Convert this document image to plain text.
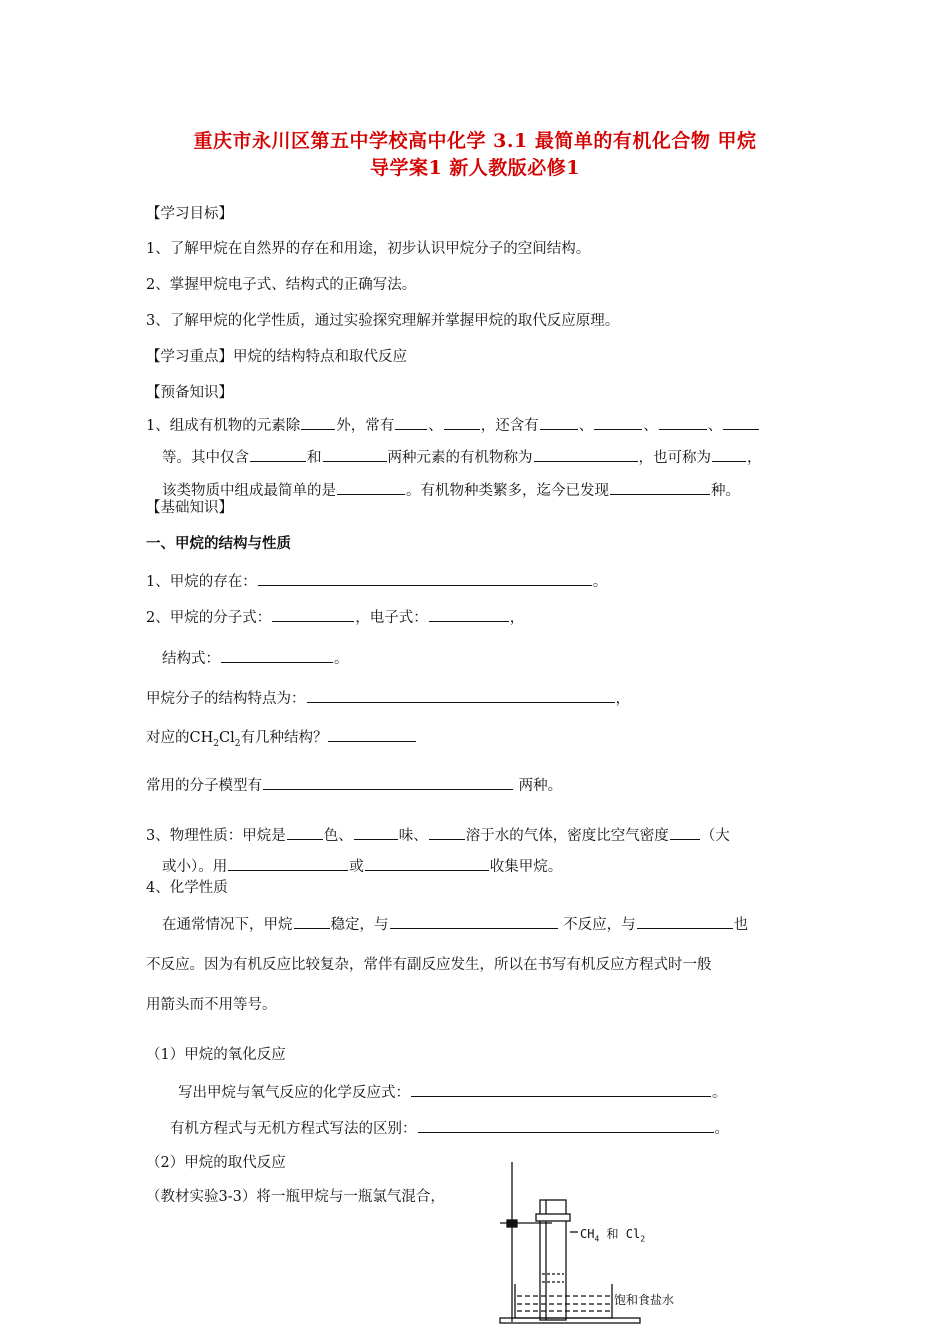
重庆市永川区第五中学校高中化学 3.1 最简单的有机化合物 甲烷
导学案1 新人教版必修1
【学习目标】
1、了解甲烷在自然界的存在和用途，初步认识甲烷分子的空间结构。
2、掌握甲烷电子式、结构式的正确写法。
3、了解甲烷的化学性质，通过实验探究理解并掌握甲烷的取代反应原理。
【学习重点】甲烷的结构特点和取代反应
【预备知识】
1、组成有机物的元素除 外，常有 、	，还含有	、	、	、
等。其中仅含	和	两种元素的有机物称为	，也可称为 ，
该类物质中组成最简单的是	。有机物种类繁多，迄今已发现	种。
【基础知识】
一、甲烷的结构与性质
1、甲烷的存在：	。
2、甲烷的分子式：	，电子式：	，
结构式：	。
甲烷分子的结构特点为：	，
对应的$CH_2Cl_2$有几种结构？
常用的分子模型有	两种。
3、物理性质：甲烷是	色、	味、	溶于水的气体，密度比空气密度 （大
或小）。用	或	收集甲烷。
4、化学性质
在通常情况下，甲烷	稳定，与	不反应，与	也
不反应。因为有机反应比较复杂，常伴有副反应发生，所以在书写有机反应方程式时一般
用箭头而不用等号。
（1）甲烷的氧化反应
写出甲烷与氧气反应的化学反应式：	。
有机方程式与无机方程式写法的区别：	。
（2）甲烷的取代反应
（教材实验3-3）将一瓶甲烷与一瓶氯气混合，
$CH_4$ 和 $Cl_2$
饱和食盐水
